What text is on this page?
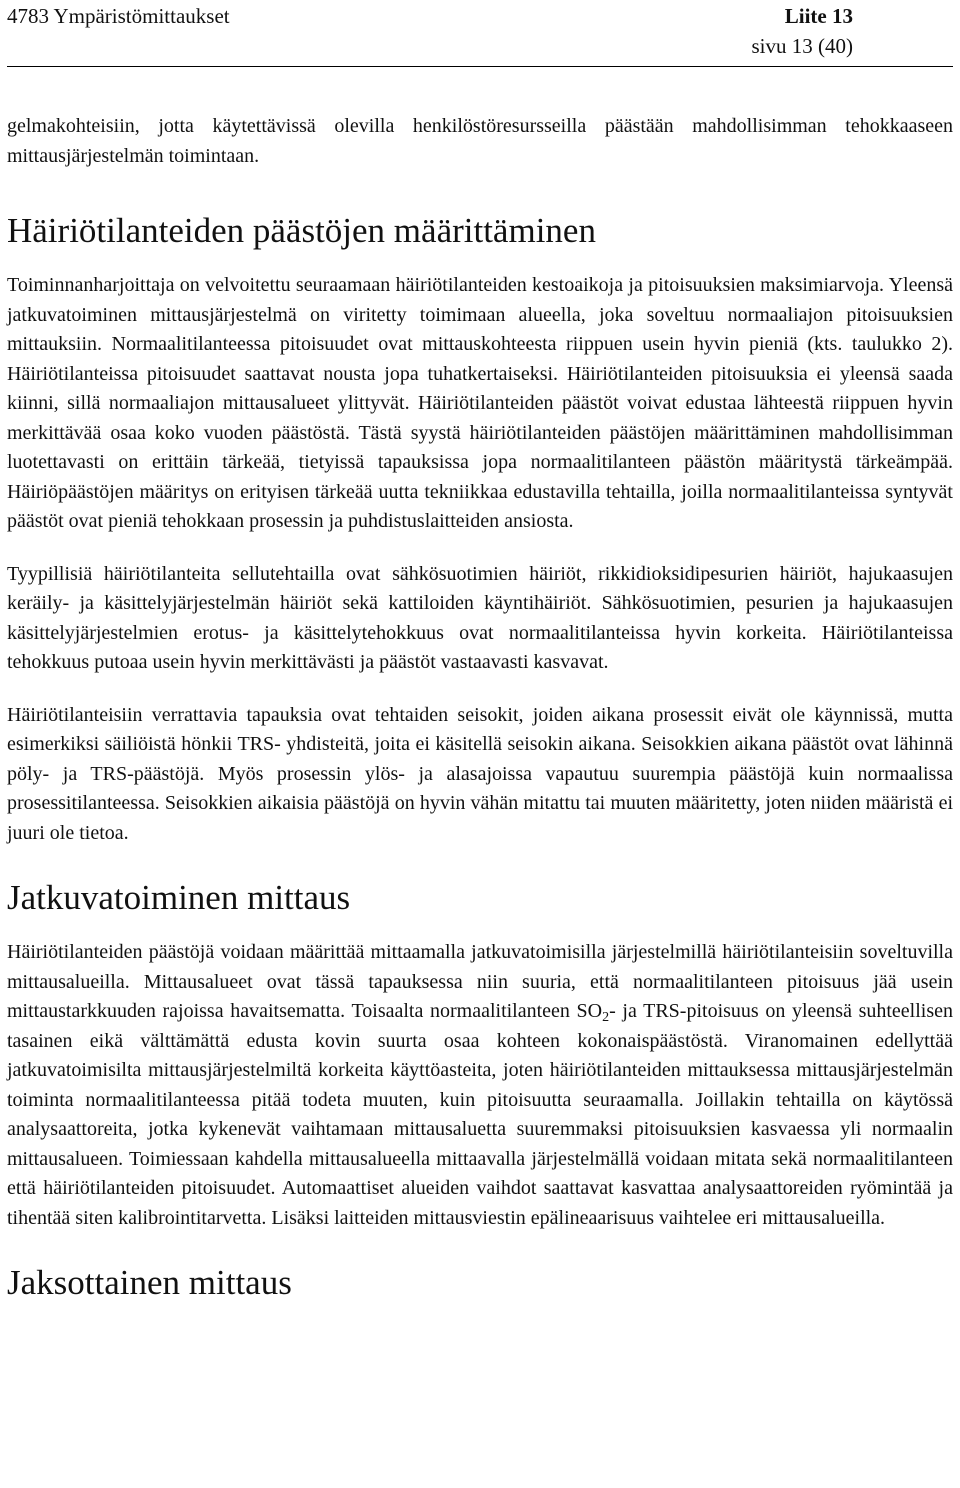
4783 Ympäristömittaukset	Liite 13
sivu 13 (40)

gelmakohteisiin, jotta käytettävissä olevilla henkilöstöresursseilla päästään mahdollisimman tehokkaaseen mittausjärjestelmän toimintaan.

Häiriötilanteiden päästöjen määrittäminen

Toiminnanharjoittaja on velvoitettu seuraamaan häiriötilanteiden kestoaikoja ja pitoisuuksien maksimiarvoja. Yleensä jatkuvatoiminen mittausjärjestelmä on viritetty toimimaan alueella, joka soveltuu normaaliajon pitoisuuksien mittauksiin. Normaalitilanteessa pitoisuudet ovat mittauskohteesta riippuen usein hyvin pieniä (kts. taulukko 2). Häiriötilanteissa pitoisuudet saattavat nousta jopa tuhatkertaiseksi. Häiriötilanteiden pitoisuuksia ei yleensä saada kiinni, sillä normaaliajon mittausalueet ylittyvät. Häiriötilanteiden päästöt voivat edustaa lähteestä riippuen hyvin merkittävää osaa koko vuoden päästöstä. Tästä syystä häiriötilanteiden päästöjen määrittäminen mahdollisimman luotettavasti on erittäin tärkeää, tietyissä tapauksissa jopa normaalitilanteen päästön määritystä tärkeämpää. Häiriöpäästöjen määritys on erityisen tärkeää uutta tekniikkaa edustavilla tehtailla, joilla normaalitilanteissa syntyvät päästöt ovat pieniä tehokkaan prosessin ja puhdistuslaitteiden ansiosta.

Tyypillisiä häiriötilanteita sellutehtailla ovat sähkösuotimien häiriöt, rikkidioksidipesurien häiriöt, hajukaasujen keräily- ja käsittelyjärjestelmän häiriöt sekä kattiloiden käyntihäiriöt. Sähkösuotimien, pesurien ja hajukaasujen käsittelyjärjestelmien erotus- ja käsittelytehokkuus ovat normaalitilanteissa hyvin korkeita. Häiriötilanteissa tehokkuus putoaa usein hyvin merkittävästi ja päästöt vastaavasti kasvavat.

Häiriötilanteisiin verrattavia tapauksia ovat tehtaiden seisokit, joiden aikana prosessit eivät ole käynnissä, mutta esimerkiksi säiliöistä hönkii TRS- yhdisteitä, joita ei käsitellä seisokin aikana. Seisokkien aikana päästöt ovat lähinnä pöly- ja TRS-päästöjä. Myös prosessin ylös- ja alasajoissa vapautuu suurempia päästöjä kuin normaalissa prosessitilanteessa. Seisokkien aikaisia päästöjä on hyvin vähän mitattu tai muuten määritetty, joten niiden määristä ei juuri ole tietoa.

Jatkuvatoiminen mittaus

Häiriötilanteiden päästöjä voidaan määrittää mittaamalla jatkuvatoimisilla järjestelmillä häiriötilanteisiin soveltuvilla mittausalueilla. Mittausalueet ovat tässä tapauksessa niin suuria, että normaalitilanteen pitoisuus jää usein mittaustarkkuuden rajoissa havaitsematta. Toisaalta normaalitilanteen $SO_2-$ ja TRS-pitoisuus on yleensä suhteellisen tasainen eikä välttämättä edusta kovin suurta osaa kohteen kokonaispäästöstä. Viranomainen edellyttää jatkuvatoimisilta mittausjärjestelmiltä korkeita käyttöasteita, joten häiriötilanteiden mittauksessa mittausjärjestelmän toiminta normaalitilanteessa pitää todeta muuten, kuin pitoisuutta seuraamalla. Joillakin tehtailla on käytössä analysaattoreita, jotka kykenevät vaihtamaan mittausaluetta suuremmaksi pitoisuuksien kasvaessa yli normaalin mittausalueen. Toimiessaan kahdella mittausalueella mittaavalla järjestelmällä voidaan mitata sekä normaalitilanteen että häiriötilanteiden pitoisuudet. Automaattiset alueiden vaihdot saattavat kasvattaa analysaattoreiden ryömintää ja tihentää siten kalibrointitarvetta. Lisäksi laitteiden mittausviestin epälineaarisuus vaihtelee eri mittausalueilla.

Jaksottainen mittaus
